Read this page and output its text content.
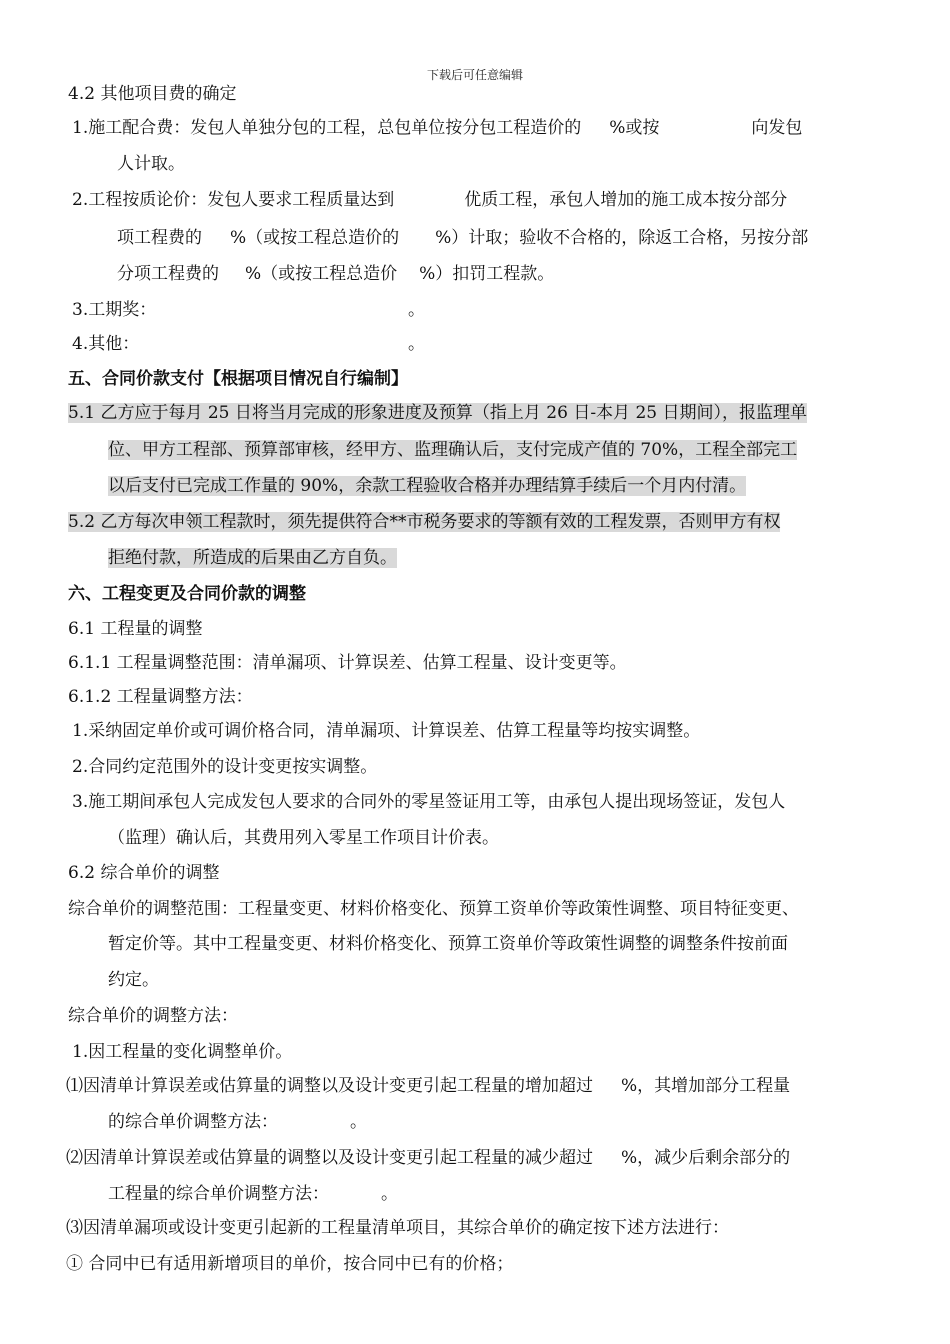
下载后可任意编辑
4.2 其他项目费的确定
1.施工配合费：发包人单独分包的工程，总包单位按分包工程造价的 %或按	向发包
人计取。
2.工程按质论价：发包人要求工程质量达到	优质工程，承包人增加的施工成本按分部分
项工程费的 %（或按工程总造价的 %）计取；验收不合格的，除返工合格，另按分部
分项工程费的 %（或按工程总造价 %）扣罚工程款。
3.工期奖：	。
4.其他：	。
五、合同价款支付【根据项目情况自行编制】
5.1 乙方应于每月 25 日将当月完成的形象进度及预算（指上月 26 日-本月 25 日期间），报监理单
位、甲方工程部、预算部审核，经甲方、监理确认后，支付完成产值的 70%，工程全部完工
以后支付已完成工作量的 90%，余款工程验收合格并办理结算手续后一个月内付清。
5.2 乙方每次申领工程款时，须先提供符合**市税务要求的等额有效的工程发票，否则甲方有权
拒绝付款，所造成的后果由乙方自负。
六、工程变更及合同价款的调整
6.1 工程量的调整
6.1.1 工程量调整范围：清单漏项、计算误差、估算工程量、设计变更等。
6.1.2 工程量调整方法：
1.采纳固定单价或可调价格合同，清单漏项、计算误差、估算工程量等均按实调整。
2.合同约定范围外的设计变更按实调整。
3.施工期间承包人完成发包人要求的合同外的零星签证用工等，由承包人提出现场签证，发包人
（监理）确认后，其费用列入零星工作项目计价表。
6.2 综合单价的调整
综合单价的调整范围：工程量变更、材料价格变化、预算工资单价等政策性调整、项目特征变更、
暂定价等。其中工程量变更、材料价格变化、预算工资单价等政策性调整的调整条件按前面
约定。
综合单价的调整方法：
1.因工程量的变化调整单价。
⑴因清单计算误差或估算量的调整以及设计变更引起工程量的增加超过 %，其增加部分工程量
的综合单价调整方法：	。
⑵因清单计算误差或估算量的调整以及设计变更引起工程量的减少超过 %，减少后剩余部分的
工程量的综合单价调整方法：	。
⑶因清单漏项或设计变更引起新的工程量清单项目，其综合单价的确定按下述方法进行：
① 合同中已有适用新增项目的单价，按合同中已有的价格；
